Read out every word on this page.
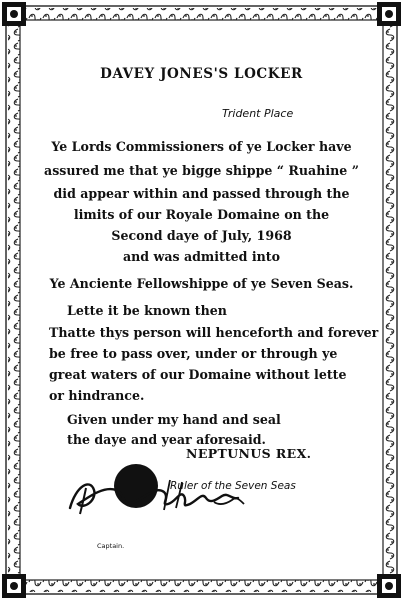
DAVEY JONES'S LOCKER
Trident Place
Ye Lords Commissioners of ye Locker have
assured me that ye bigge shippe “ Ruahine ”
did appear within and passed through the
limits of our Royale Domaine on the
Second daye of July, 1968
and was admitted into
Ye Anciente Fellowshippe of ye Seven Seas.
Lette it be known then
Thatte thys person will henceforth and forever
be free to pass over, under or through ye
great waters of our Domaine without lette
or hindrance.
Given under my hand and seal
the daye and year aforesaid.
NEPTUNUS REX.
Ruler of the Seven Seas
Captain.
